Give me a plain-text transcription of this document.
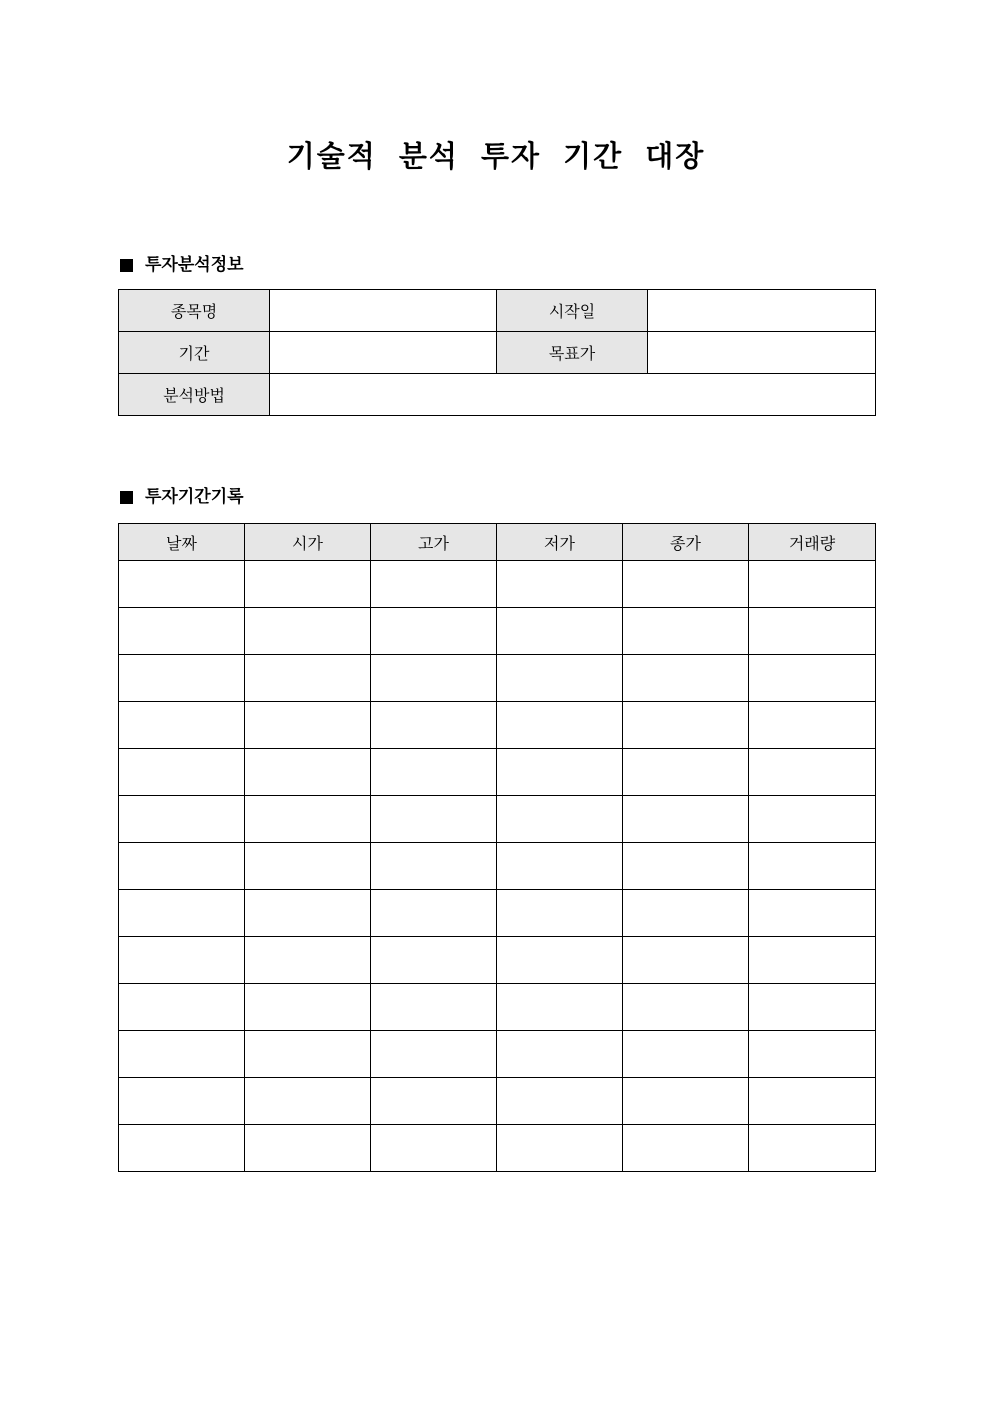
기술적 분석 투자 기간 대장
투자분석정보
종목명		시작일	
기간		목표가	
분석방법			
투자기간기록
날짜	시가	고가	저가	종가	거래량
